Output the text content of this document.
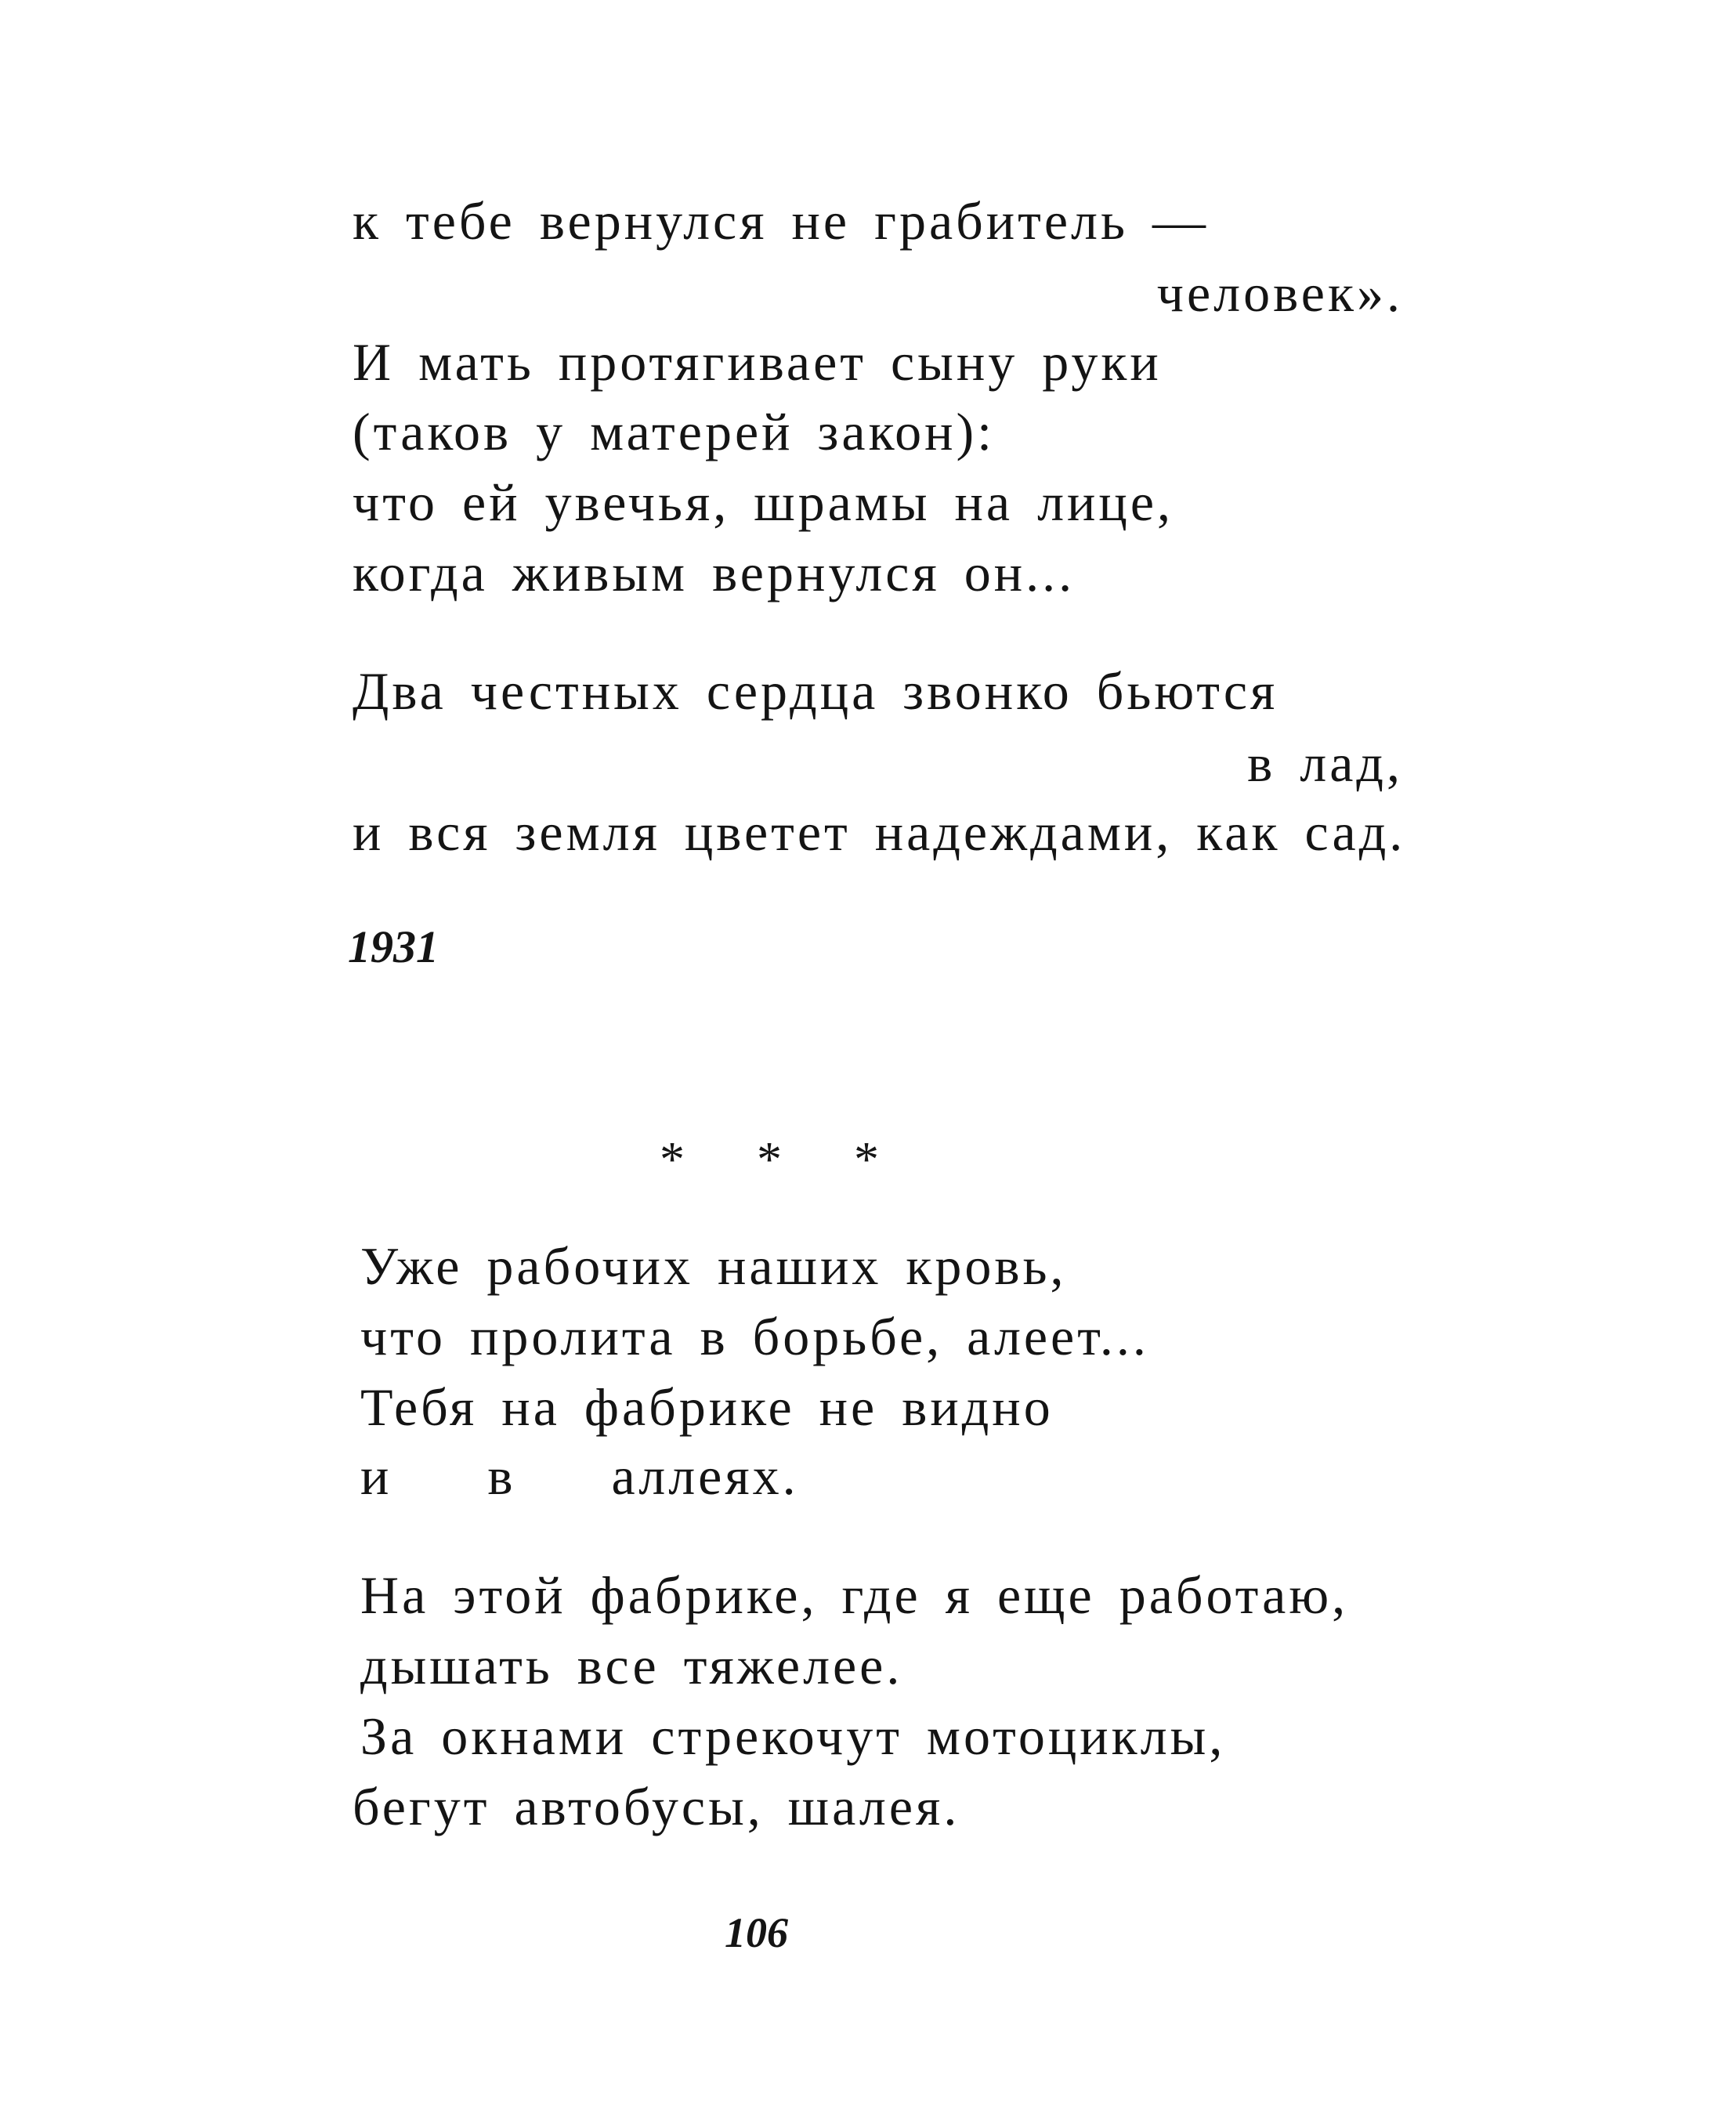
к тебе вернулся не грабитель —
человек».
И мать протягивает сыну руки
(таков у матерей закон):
что ей увечья, шрамы на лице,
когда живым вернулся он...
Два честных сердца звонко бьются
в лад,
и вся земля цветет надеждами, как сад.
1931
* * *
Уже рабочих наших кровь,
что пролита в борьбе, алеет...
Тебя на фабрике не видно
и  в  аллеях.
На этой фабрике, где я еще работаю,
дышать все тяжелее.
За окнами стрекочут мотоциклы,
бегут автобусы, шалея.
106
